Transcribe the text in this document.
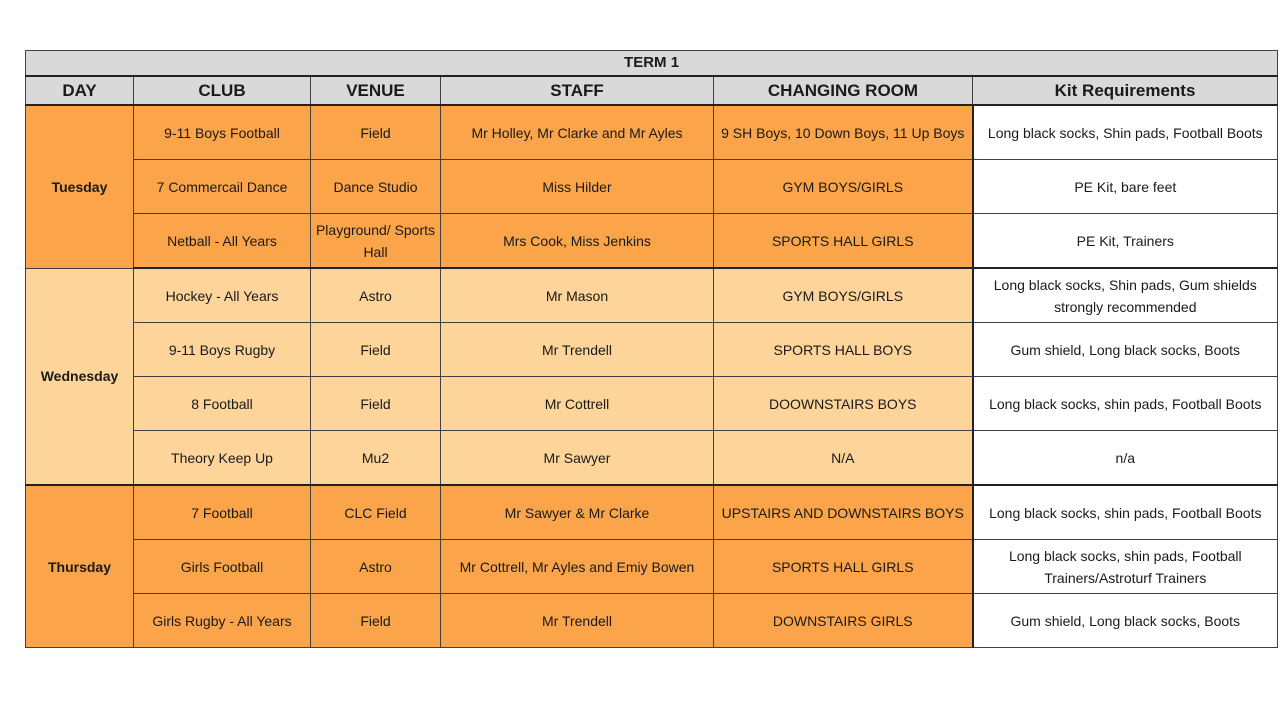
TERM 1					
DAY	CLUB	VENUE	STAFF	CHANGING ROOM	Kit Requirements
Tuesday	9-11 Boys Football	Field	Mr Holley, Mr Clarke and Mr Ayles	9 SH Boys, 10 Down Boys, 11 Up Boys	Long black socks, Shin pads, Football Boots
	7 Commercail Dance	Dance Studio	Miss Hilder	GYM BOYS/GIRLS	PE Kit, bare feet
	Netball - All Years	Playground/ Sports Hall	Mrs Cook, Miss Jenkins	SPORTS HALL GIRLS	PE Kit, Trainers
Wednesday	Hockey - All Years	Astro	Mr Mason	GYM BOYS/GIRLS	Long black socks, Shin pads, Gum shields strongly recommended
	9-11 Boys Rugby	Field	Mr Trendell	SPORTS HALL BOYS	Gum shield, Long black socks, Boots
	8 Football	Field	Mr Cottrell	DOOWNSTAIRS BOYS	Long black socks, shin pads, Football Boots
	Theory Keep Up	Mu2	Mr Sawyer	N/A	n/a
Thursday	7 Football	CLC Field	Mr Sawyer & Mr Clarke	UPSTAIRS AND DOWNSTAIRS BOYS	Long black socks, shin pads, Football Boots
	Girls Football	Astro	Mr Cottrell, Mr Ayles and Emiy Bowen	SPORTS HALL GIRLS	Long black socks, shin pads, Football Trainers/Astroturf Trainers
	Girls Rugby - All Years	Field	Mr Trendell	DOWNSTAIRS GIRLS	Gum shield, Long black socks, Boots
